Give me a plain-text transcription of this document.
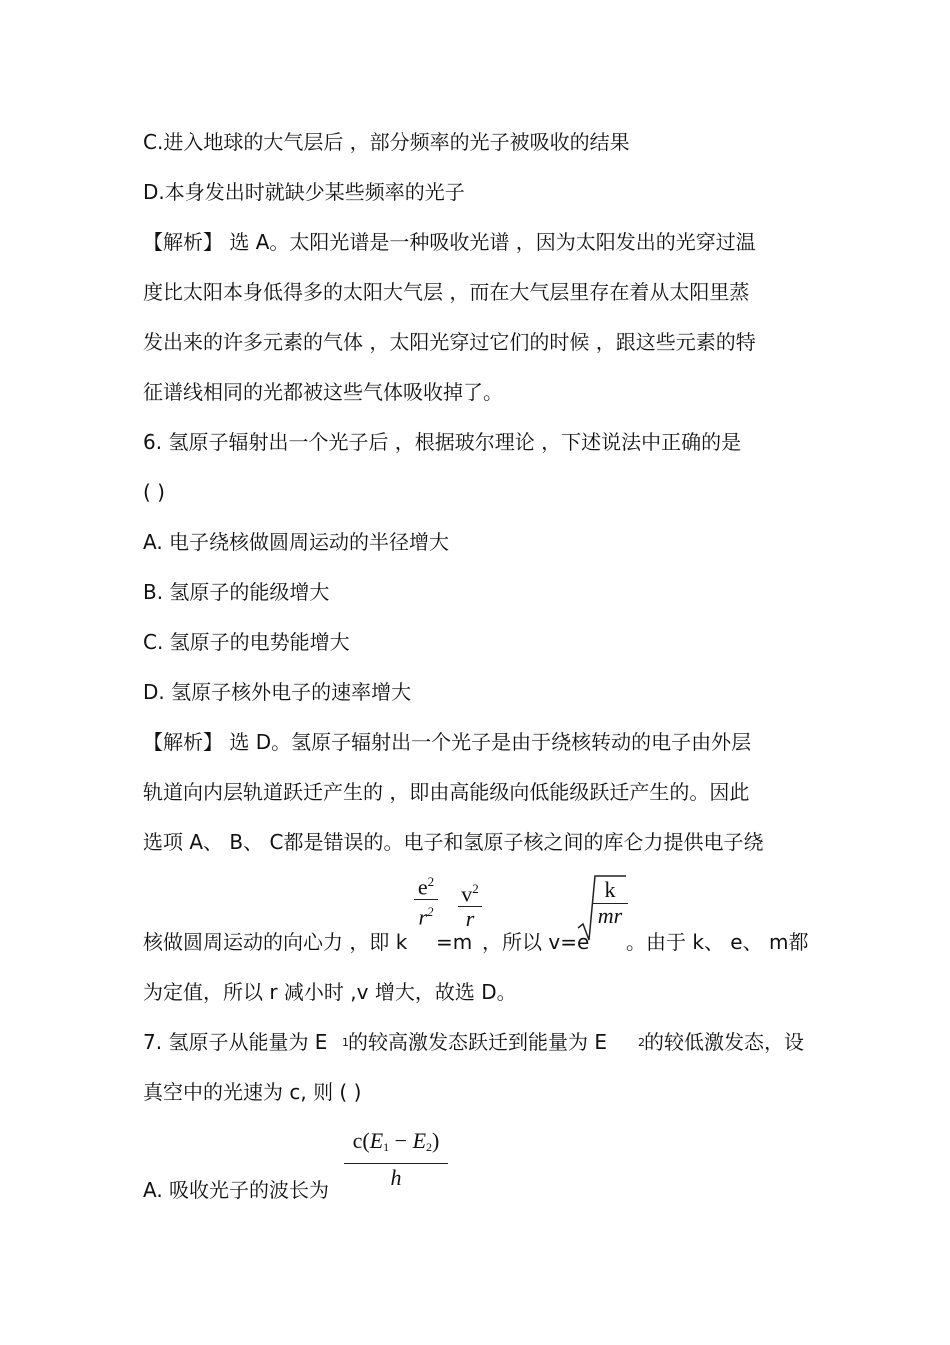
C.进入地球的大气层后 ，部分频率的光子被吸收的结果
D.本身发出时就缺少某些频率的光子
【解析】 选 A。太阳光谱是一种吸收光谱 ，因为太阳发出的光穿过温
度比太阳本身低得多的太阳大气层 ，而在大气层里存在着从太阳里蒸
发出来的许多元素的气体 ，太阳光穿过它们的时候 ，跟这些元素的特
征谱线相同的光都被这些气体吸收掉了。
6. 氢原子辐射出一个光子后 ，根据玻尔理论 ，下述说法中正确的是
( )
A. 电子绕核做圆周运动的半径增大
B. 氢原子的能级增大
C. 氢原子的电势能增大
D. 氢原子核外电子的速率增大
【解析】 选 D。氢原子辐射出一个光子是由于绕核转动的电子由外层
轨道向内层轨道跃迁产生的 ，即由高能级向低能级跃迁产生的。因此
选项 A、 B、 C都是错误的。电子和氢原子核之间的库仑力提供电子绕
核做圆周运动的向心力 ，即 k
$e^2$
$r^2$
=m
$v^2$
r
，所以 v=e
k
mr
。由于 k、 e、 m都
为定值，所以 r 减小时 ,v 增大，故选 D。
7. 氢原子从能量为 E 1 的较高激发态跃迁到能量为 E	2 的较低激发态，设
真空中的光速为 c, 则 ( )
A. 吸收光子的波长为
$c(E_1 - E_2)$
h
